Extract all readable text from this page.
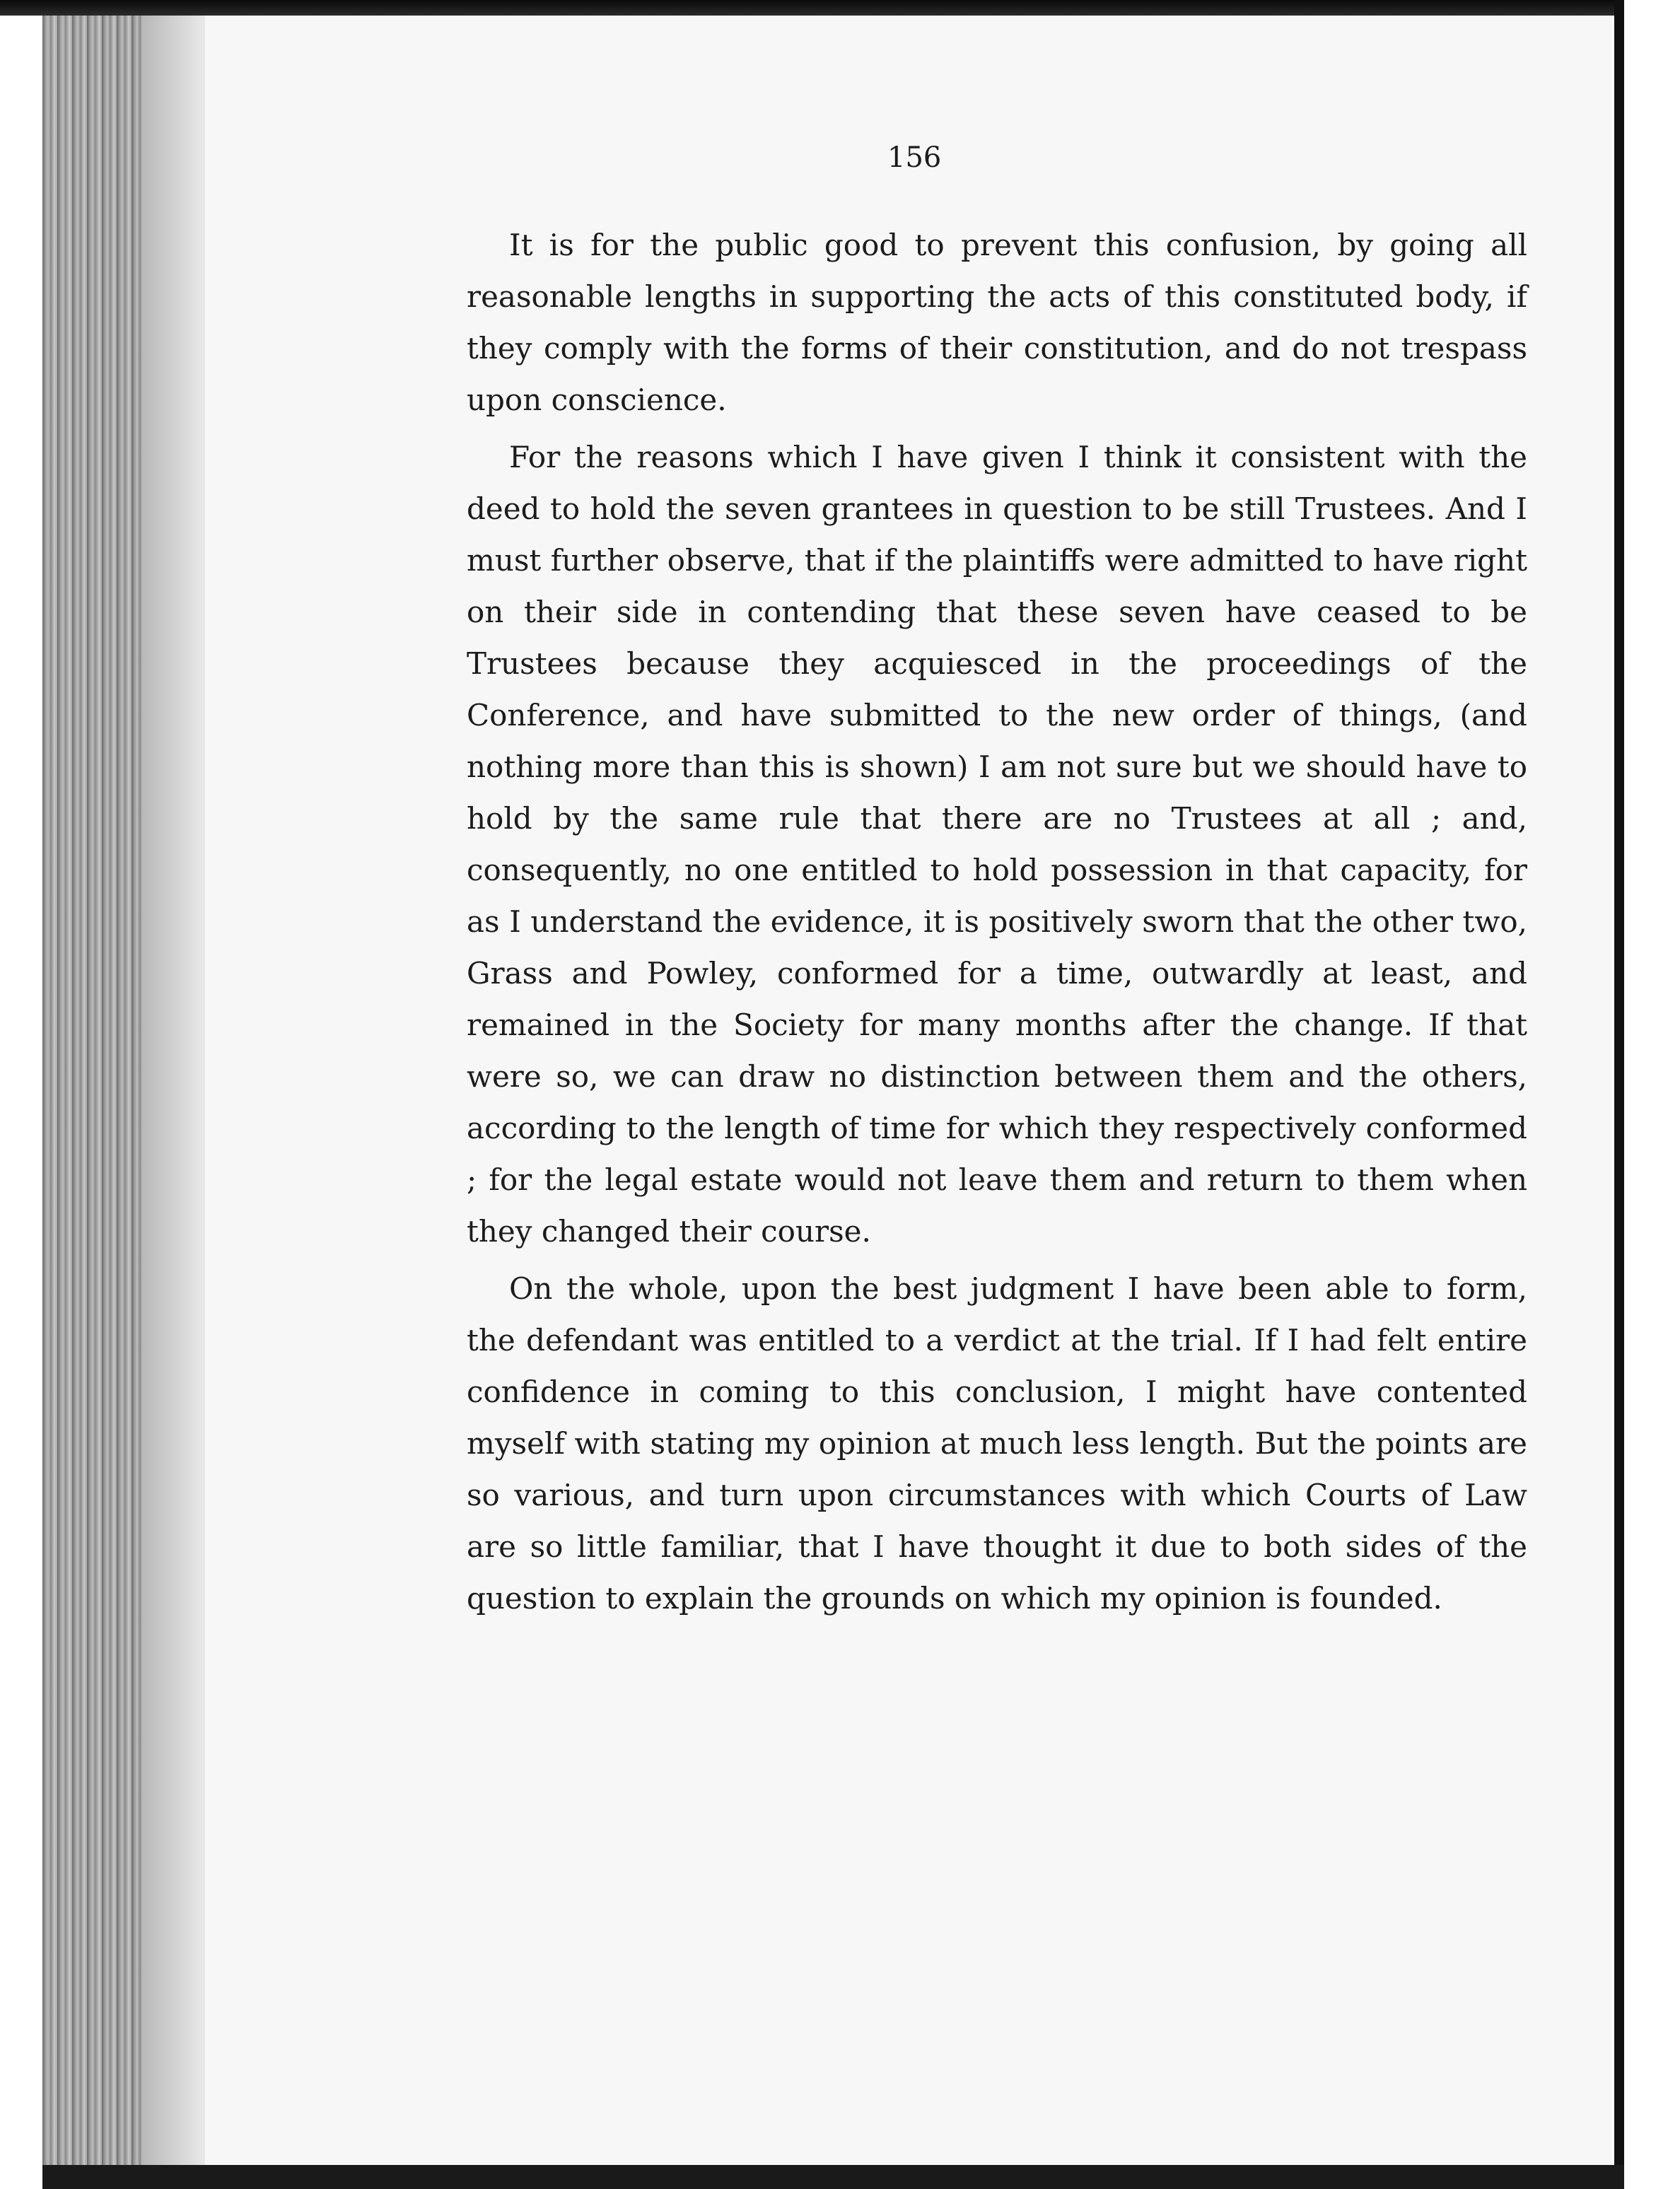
156

It is for the public good to prevent this confusion, by going all reasonable lengths in supporting the acts of this constituted body, if they comply with the forms of their constitution, and do not trespass upon conscience.

For the reasons which I have given I think it consistent with the deed to hold the seven grantees in question to be still Trustees. And I must further observe, that if the plaintiffs were admitted to have right on their side in contending that these seven have ceased to be Trustees because they acquiesced in the proceedings of the Conference, and have submitted to the new order of things, (and nothing more than this is shown) I am not sure but we should have to hold by the same rule that there are no Trustees at all ; and, consequently, no one entitled to hold possession in that capacity, for as I understand the evidence, it is positively sworn that the other two, Grass and Powley, conformed for a time, outwardly at least, and remained in the Society for many months after the change. If that were so, we can draw no distinction between them and the others, according to the length of time for which they respectively conformed ; for the legal estate would not leave them and return to them when they changed their course.

On the whole, upon the best judgment I have been able to form, the defendant was entitled to a verdict at the trial. If I had felt entire confidence in coming to this conclusion, I might have contented myself with stating my opinion at much less length. But the points are so various, and turn upon circumstances with which Courts of Law are so little familiar, that I have thought it due to both sides of the question to explain the grounds on which my opinion is founded.
